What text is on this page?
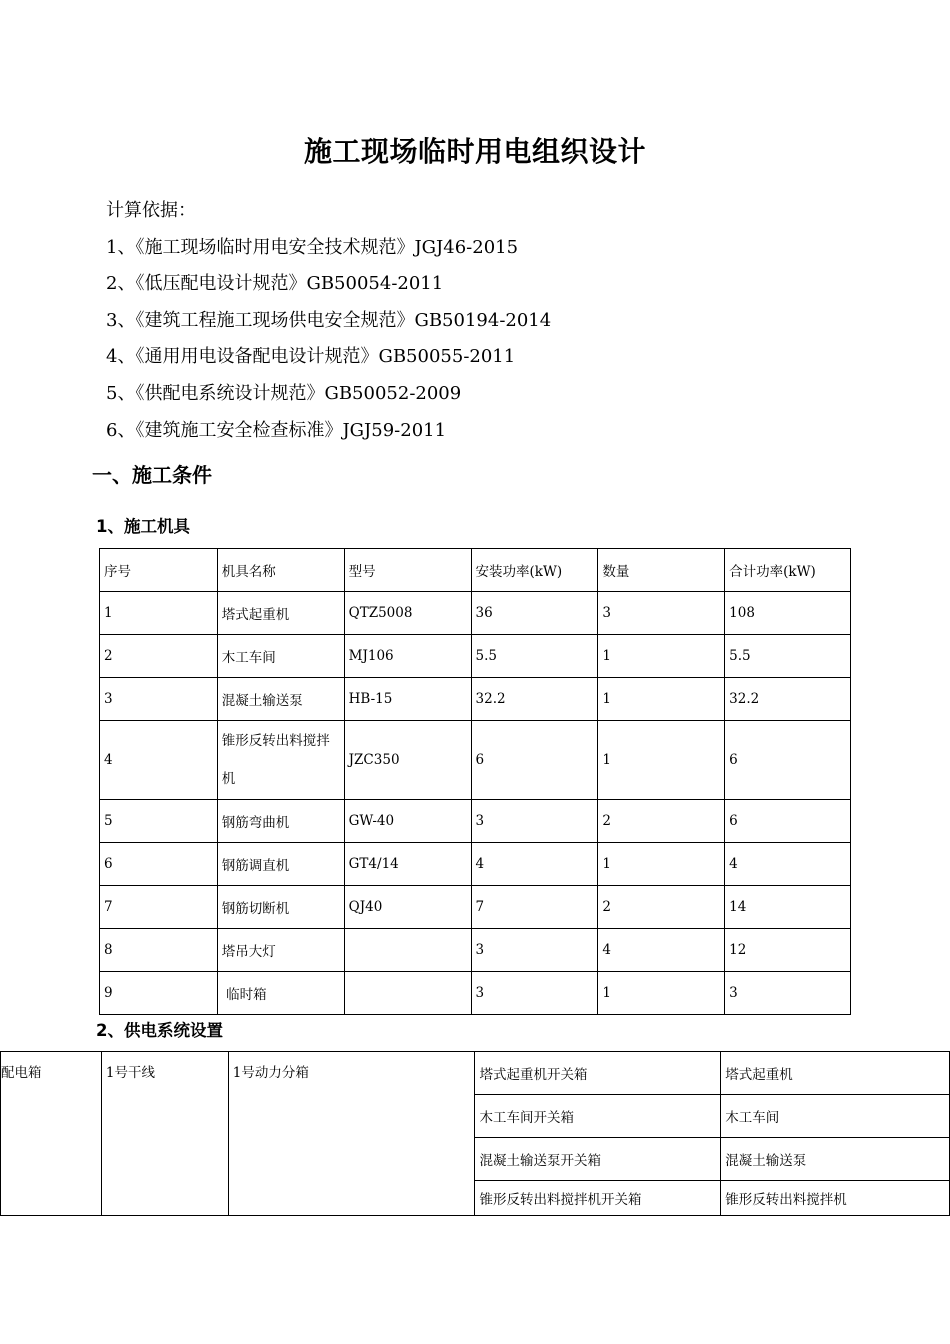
施工现场临时用电组织设计
计算依据：
1、《施工现场临时用电安全技术规范》JGJ46-2015
2、《低压配电设计规范》GB50054-2011
3、《建筑工程施工现场供电安全规范》GB50194-2014
4、《通用用电设备配电设计规范》GB50055-2011
5、《供配电系统设计规范》GB50052-2009
6、《建筑施工安全检查标准》JGJ59-2011
一、施工条件
1、施工机具
序号	机具名称	型号	安装功率(kW)	数量	合计功率(kW)
1	塔式起重机	QTZ5008	36	3	108
2	木工车间	MJ106	5.5	1	5.5
3	混凝土输送泵	HB-15	32.2	1	32.2
4	锥形反转出料搅拌机	JZC350	6	1	6
5	钢筋弯曲机	GW-40	3	2	6
6	钢筋调直机	GT4/14	4	1	4
7	钢筋切断机	QJ40	7	2	14
8	塔吊大灯		3	4	12
9	临时箱		3	1	3
2、供电系统设置
配电箱	1号干线	1号动力分箱	塔式起重机开关箱	塔式起重机
			木工车间开关箱	木工车间
			混凝土输送泵开关箱	混凝土输送泵
			锥形反转出料搅拌机开关箱	锥形反转出料搅拌机
